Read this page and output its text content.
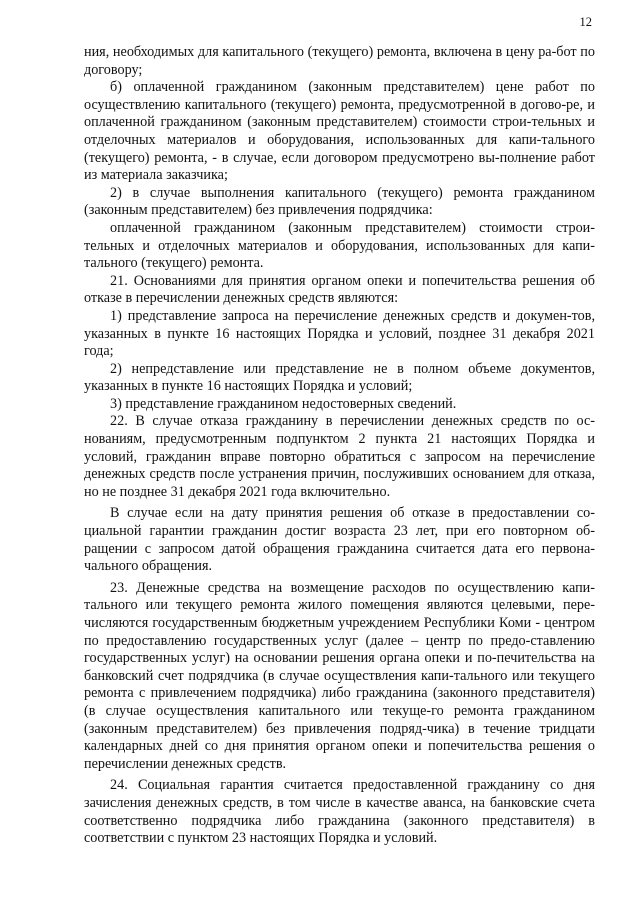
12

ния, необходимых для капитального (текущего) ремонта, включена в цену ра-бот по договору;

б) оплаченной гражданином (законным представителем) цене работ по осуществлению капитального (текущего) ремонта, предусмотренной в догово-ре, и оплаченной гражданином (законным представителем) стоимости строи-тельных и отделочных материалов и оборудования, использованных для капи-тального (текущего) ремонта, - в случае, если договором предусмотрено вы-полнение работ из материала заказчика;

2) в случае выполнения капитального (текущего) ремонта гражданином (законным представителем) без привлечения подрядчика:

оплаченной гражданином (законным представителем) стоимости строи-тельных и отделочных материалов и оборудования, использованных для капи-тального (текущего) ремонта.

21. Основаниями для принятия органом опеки и попечительства решения об отказе в перечислении денежных средств являются:

1) представление запроса на перечисление денежных средств и докумен-тов, указанных в пункте 16 настоящих Порядка и условий, позднее 31 декабря 2021 года;

2) непредставление или представление не в полном объеме документов, указанных в пункте 16 настоящих Порядка и условий;

3) представление гражданином недостоверных сведений.

22. В случае отказа гражданину в перечислении денежных средств по ос-нованиям, предусмотренным подпунктом 2 пункта 21 настоящих Порядка и условий, гражданин вправе повторно обратиться с запросом на перечисление денежных средств после устранения причин, послуживших основанием для отказа, но не позднее 31 декабря 2021 года включительно.

В случае если на дату принятия решения об отказе в предоставлении со-циальной гарантии гражданин достиг возраста 23 лет, при его повторном об-ращении с запросом датой обращения гражданина считается дата его первона-чального обращения.

23. Денежные средства на возмещение расходов по осуществлению капи-тального или текущего ремонта жилого помещения являются целевыми, пере-числяются государственным бюджетным учреждением Республики Коми - центром по предоставлению государственных услуг (далее – центр по предо-ставлению государственных услуг) на основании решения органа опеки и по-печительства на банковский счет подрядчика (в случае осуществления капи-тального или текущего ремонта с привлечением подрядчика) либо гражданина (законного представителя) (в случае осуществления капитального или текуще-го ремонта гражданином (законным представителем) без привлечения подряд-чика) в течение тридцати календарных дней со дня принятия органом опеки и попечительства решения о перечислении денежных средств.

24. Социальная гарантия считается предоставленной гражданину со дня зачисления денежных средств, в том числе в качестве аванса, на банковские счета соответственно подрядчика либо гражданина (законного представителя) в соответствии с пунктом 23 настоящих Порядка и условий.
